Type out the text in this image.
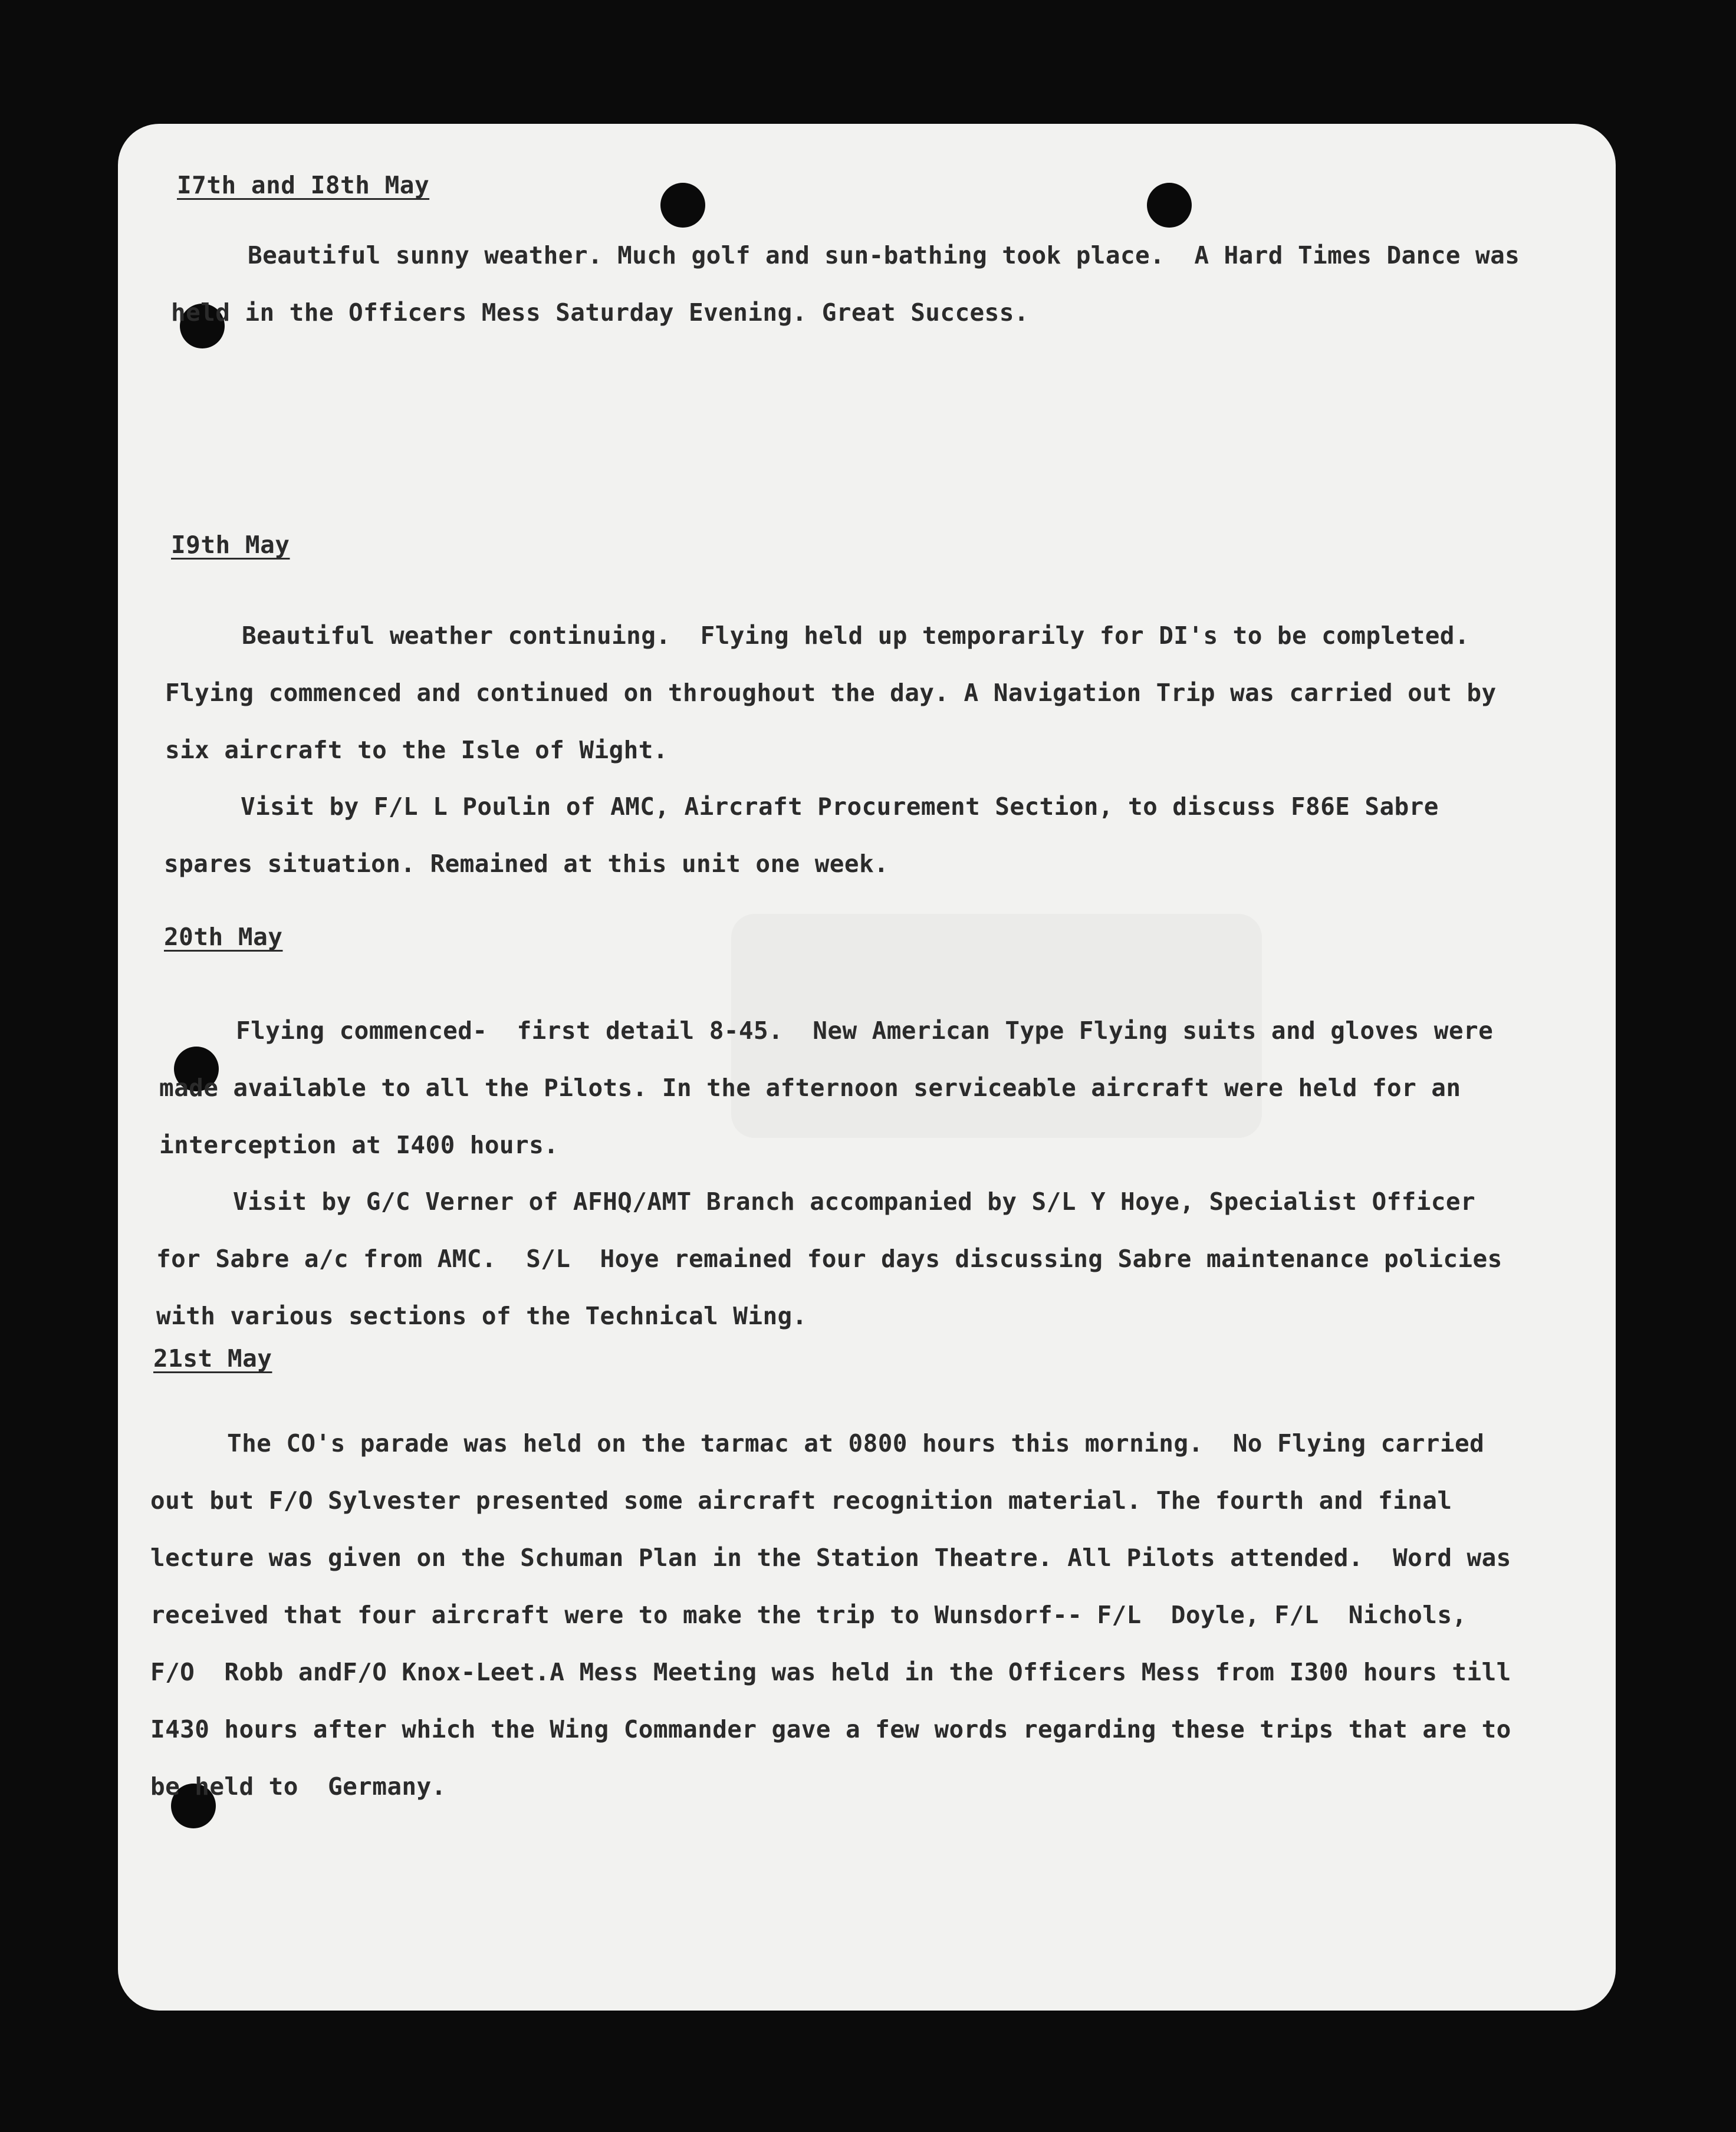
I7th and I8th May

Beautiful sunny weather. Much golf and sun-bathing took place.  A Hard Times Dance was held in the Officers Mess Saturday Evening. Great Success.

I9th May

Beautiful weather continuing.  Flying held up temporarily for DI's to be completed.  Flying commenced and continued on throughout the day. A Navigation Trip was carried out by six aircraft to the Isle of Wight.

Visit by F/L L Poulin of AMC, Aircraft Procurement Section, to discuss F86E Sabre spares situation. Remained at this unit one week.

20th May

Flying commenced-  first detail 8-45.  New American Type Flying suits and gloves were made available to all the Pilots. In the afternoon serviceable aircraft were held for an interception at I400 hours.

Visit by G/C Verner of AFHQ/AMT Branch accompanied by S/L Y Hoye, Specialist Officer for Sabre a/c from AMC.  S/L  Hoye remained four days discussing Sabre maintenance policies with various sections of the Technical Wing.

21st May

The CO's parade was held on the tarmac at 0800 hours this morning.  No Flying carried out but F/O Sylvester presented some aircraft recognition material. The fourth and final lecture was given on the Schuman Plan in the Station Theatre. All Pilots attended.  Word was received that four aircraft were to make the trip to Wunsdorf-- F/L  Doyle, F/L  Nichols, F/O  Robb andF/O Knox-Leet.A Mess Meeting was held in the Officers Mess from I300 hours till I430 hours after which the Wing Commander gave a few words regarding these trips that are to be held to  Germany.
